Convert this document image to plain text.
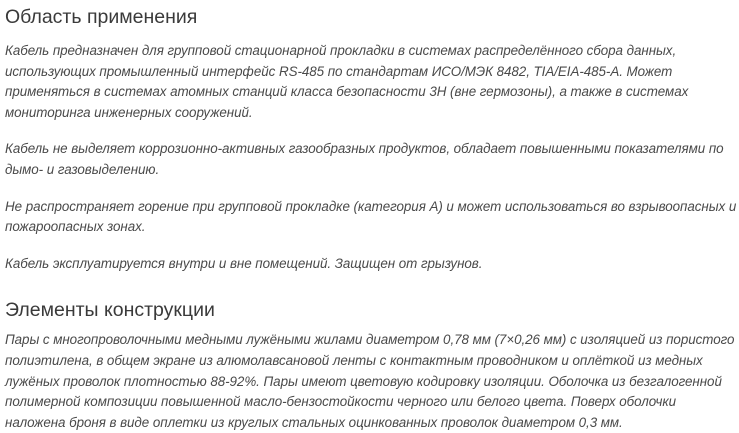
Область применения

Кабель предназначен для групповой стационарной прокладки в системах распределённого сбора данных, использующих промышленный интерфейс RS-485 по стандартам ИСО/МЭК 8482, TIA/EIA-485-A. Может применяться в системах атомных станций класса безопасности 3Н (вне гермозоны), а также в системах мониторинга инженерных сооружений.

Кабель не выделяет коррозионно-активных газообразных продуктов, обладает повышенными показателями по дымо- и газовыделению.

Не распространяет горение при групповой прокладке (категория А) и может использоваться во взрывоопасных и пожароопасных зонах.

Кабель эксплуатируется внутри и вне помещений. Защищен от грызунов.

Элементы конструкции

Пары с многопроволочными медными лужёными жилами диаметром 0,78 мм (7×0,26 мм) с изоляцией из пористого полиэтилена, в общем экране из алюмолавсановой ленты с контактным проводником и оплёткой из медных лужёных проволок плотностью 88-92%. Пары имеют цветовую кодировку изоляции. Оболочка из безгалогенной полимерной композиции повышенной масло-бензостойкости черного или белого цвета. Поверх оболочки наложена броня в виде оплетки из круглых стальных оцинкованных проволок диаметром 0,3 мм.
